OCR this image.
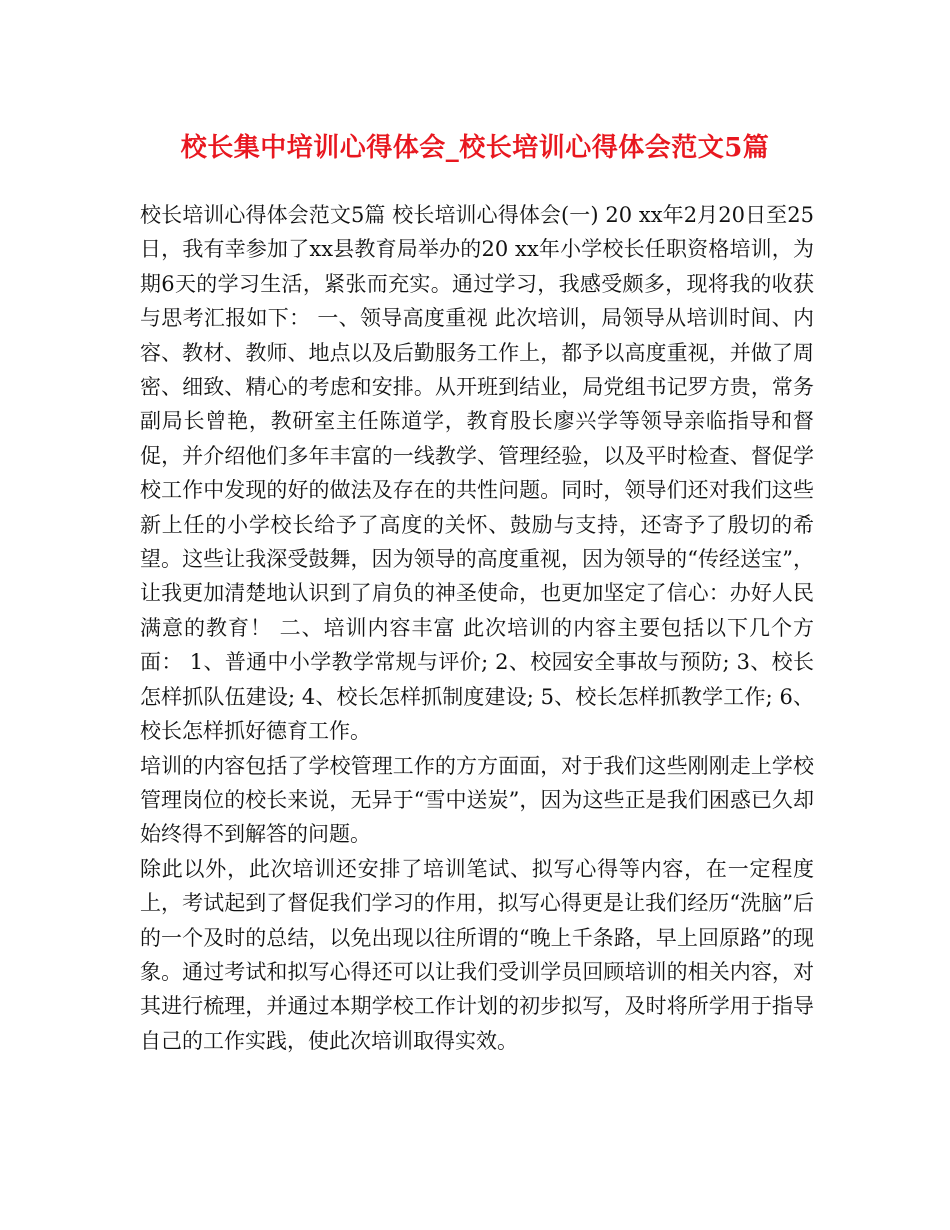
校长集中培训心得体会_校长培训心得体会范文5篇

校长培训心得体会范文5篇 校长培训心得体会(一) 20 xx年2月20日至25日，我有幸参加了xx县教育局举办的20 xx年小学校长任职资格培训，为期6天的学习生活，紧张而充实。通过学习，我感受颇多，现将我的收获与思考汇报如下： 一、领导高度重视 此次培训，局领导从培训时间、内容、教材、教师、地点以及后勤服务工作上，都予以高度重视，并做了周密、细致、精心的考虑和安排。从开班到结业，局党组书记罗方贵，常务副局长曾艳，教研室主任陈道学，教育股长廖兴学等领导亲临指导和督促，并介绍他们多年丰富的一线教学、管理经验，以及平时检查、督促学校工作中发现的好的做法及存在的共性问题。同时，领导们还对我们这些新上任的小学校长给予了高度的关怀、鼓励与支持，还寄予了殷切的希望。这些让我深受鼓舞，因为领导的高度重视，因为领导的“传经送宝”，让我更加清楚地认识到了肩负的神圣使命，也更加坚定了信心：办好人民满意的教育！ 二、培训内容丰富 此次培训的内容主要包括以下几个方面： 1、普通中小学教学常规与评价; 2、校园安全事故与预防; 3、校长怎样抓队伍建设; 4、校长怎样抓制度建设; 5、校长怎样抓教学工作; 6、校长怎样抓好德育工作。

培训的内容包括了学校管理工作的方方面面，对于我们这些刚刚走上学校管理岗位的校长来说，无异于“雪中送炭”，因为这些正是我们困惑已久却始终得不到解答的问题。

除此以外，此次培训还安排了培训笔试、拟写心得等内容，在一定程度上，考试起到了督促我们学习的作用，拟写心得更是让我们经历“洗脑”后的一个及时的总结，以免出现以往所谓的“晚上千条路，早上回原路”的现象。通过考试和拟写心得还可以让我们受训学员回顾培训的相关内容，对其进行梳理，并通过本期学校工作计划的初步拟写，及时将所学用于指导自己的工作实践，使此次培训取得实效。
